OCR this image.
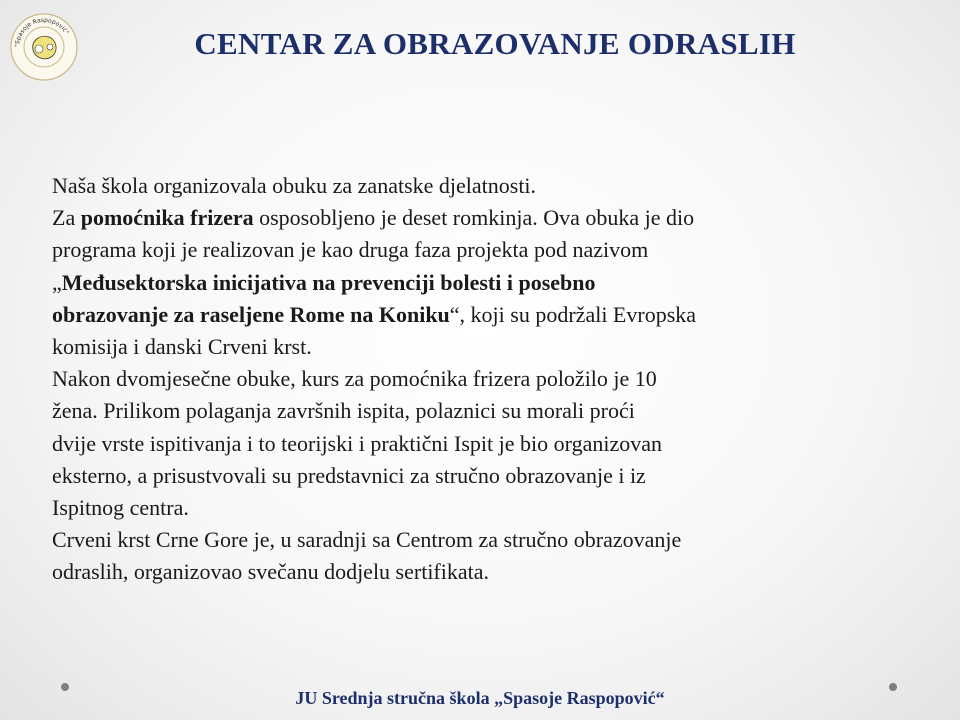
"Spasoje Raspopović"	CENTAR ZA OBRAZOVANJE ODRASLIH
Naša škola organizovala obuku za zanatske djelatnosti.
Za pomoćnika frizera osposobljeno je deset romkinja. Ova obuka je dio
programa koji je realizovan je kao druga faza projekta pod nazivom
„Međusektorska inicijativa na prevenciji bolesti i posebno
obrazovanje za raseljene Rome na Koniku“, koji su podržali Evropska
komisija i danski Crveni krst.
Nakon dvomjesečne obuke, kurs za pomoćnika frizera položilo je 10
žena. Prilikom polaganja završnih ispita, polaznici su morali proći
dvije vrste ispitivanja i to teorijski i praktični Ispit je bio organizovan
eksterno, a prisustvovali su predstavnici za stručno obrazovanje i iz
Ispitnog centra.
Crveni krst Crne Gore je, u saradnji sa Centrom za stručno obrazovanje
odraslih, organizovao svečanu dodjelu sertifikata.
JU Srednja stručna škola „Spasoje Raspopović“
